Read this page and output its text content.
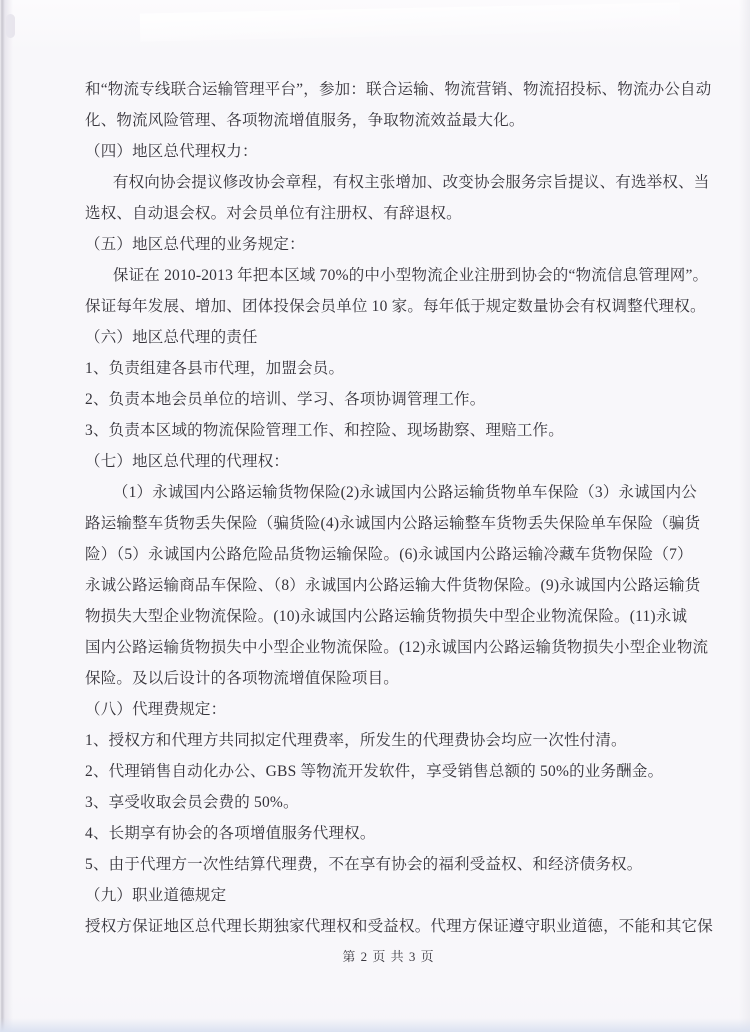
和“物流专线联合运输管理平台”，参加：联合运输、物流营销、物流招投标、物流办公自动
化、物流风险管理、各项物流增值服务，争取物流效益最大化。
（四）地区总代理权力：
有权向协会提议修改协会章程，有权主张增加、改变协会服务宗旨提议、有选举权、当
选权、自动退会权。对会员单位有注册权、有辞退权。
（五）地区总代理的业务规定：
保证在 2010-2013 年把本区域 70%的中小型物流企业注册到协会的“物流信息管理网”。
保证每年发展、增加、团体投保会员单位 10 家。每年低于规定数量协会有权调整代理权。
（六）地区总代理的责任
1、负责组建各县市代理，加盟会员。
2、负责本地会员单位的培训、学习、各项协调管理工作。
3、负责本区域的物流保险管理工作、和控险、现场勘察、理赔工作。
（七）地区总代理的代理权：
（1）永诚国内公路运输货物保险(2)永诚国内公路运输货物单车保险（3）永诚国内公
路运输整车货物丢失保险（骗货险(4)永诚国内公路运输整车货物丢失保险单车保险（骗货
险）（5）永诚国内公路危险品货物运输保险。(6)永诚国内公路运输冷藏车货物保险（7）
永诚公路运输商品车保险、（8）永诚国内公路运输大件货物保险。(9)永诚国内公路运输货
物损失大型企业物流保险。(10)永诚国内公路运输货物损失中型企业物流保险。(11)永诚
国内公路运输货物损失中小型企业物流保险。(12)永诚国内公路运输货物损失小型企业物流
保险。及以后设计的各项物流增值保险项目。
（八）代理费规定：
1、授权方和代理方共同拟定代理费率，所发生的代理费协会均应一次性付清。
2、代理销售自动化办公、GBS 等物流开发软件，享受销售总额的 50%的业务酬金。
3、享受收取会员会费的 50%。
4、长期享有协会的各项增值服务代理权。
5、由于代理方一次性结算代理费，不在享有协会的福利受益权、和经济债务权。
（九）职业道德规定
授权方保证地区总代理长期独家代理权和受益权。代理方保证遵守职业道德，不能和其它保
第 2 页 共 3 页
